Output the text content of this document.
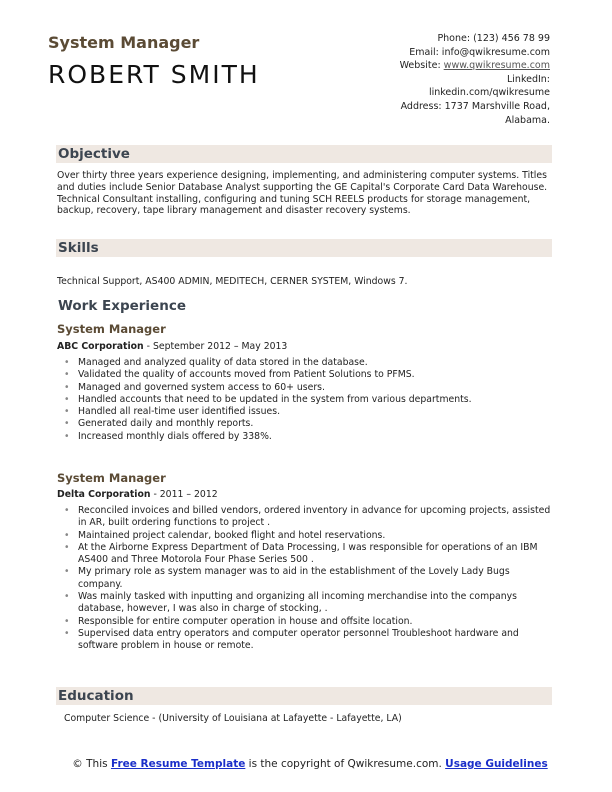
System Manager
ROBERT SMITH
Phone: (123) 456 78 99
Email: info@qwikresume.com
Website: www.qwikresume.com
LinkedIn:
linkedin.com/qwikresume
Address: 1737 Marshville Road,
Alabama.
Objective
Over thirty three years experience designing, implementing, and administering computer systems. Titles and duties include Senior Database Analyst supporting the GE Capital's Corporate Card Data Warehouse. Technical Consultant installing, configuring and tuning SCH REELS products for storage management, backup, recovery, tape library management and disaster recovery systems.
Skills
Technical Support, AS400 ADMIN, MEDITECH, CERNER SYSTEM, Windows 7.
Work Experience
System Manager
ABC Corporation - September 2012 – May 2013
• Managed and analyzed quality of data stored in the database.
• Validated the quality of accounts moved from Patient Solutions to PFMS.
• Managed and governed system access to 60+ users.
• Handled accounts that need to be updated in the system from various departments.
• Handled all real-time user identified issues.
• Generated daily and monthly reports.
• Increased monthly dials offered by 338%.
System Manager
Delta Corporation - 2011 – 2012
• Reconciled invoices and billed vendors, ordered inventory in advance for upcoming projects, assisted in AR, built ordering functions to project .
• Maintained project calendar, booked flight and hotel reservations.
• At the Airborne Express Department of Data Processing, I was responsible for operations of an IBM AS400 and Three Motorola Four Phase Series 500 .
• My primary role as system manager was to aid in the establishment of the Lovely Lady Bugs company.
• Was mainly tasked with inputting and organizing all incoming merchandise into the companys database, however, I was also in charge of stocking, .
• Responsible for entire computer operation in house and offsite location.
• Supervised data entry operators and computer operator personnel Troubleshoot hardware and software problem in house or remote.
Education
Computer Science - (University of Louisiana at Lafayette - Lafayette, LA)
© This Free Resume Template is the copyright of Qwikresume.com. Usage Guidelines
